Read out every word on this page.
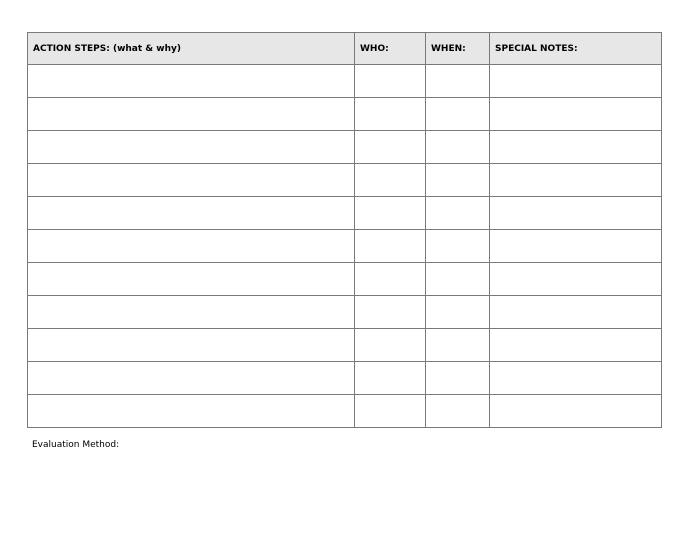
ACTION STEPS: (what & why)	WHO:	WHEN:	SPECIAL NOTES:

Evaluation Method:
